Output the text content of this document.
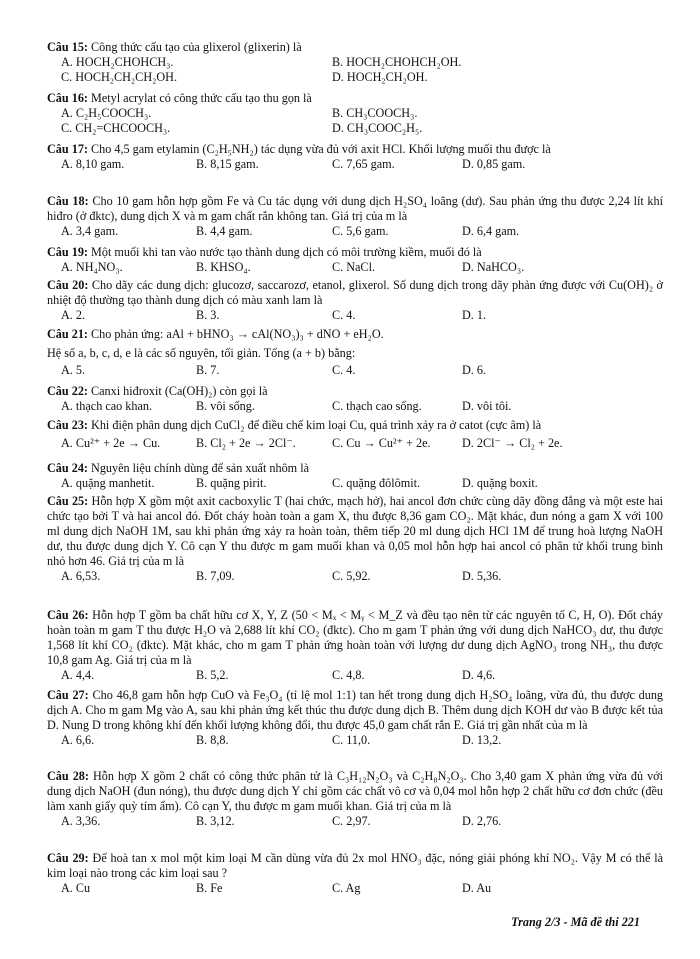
Câu 15: Công thức cấu tạo của glixerol (glixerin) là
A. HOCH₂CHOHCH₃.	B. HOCH₂CHOHCH₂OH.
C. HOCH₂CH₂CH₂OH.	D. HOCH₂CH₂OH.
Câu 16: Metyl acrylat có công thức cấu tạo thu gọn là
A. C₂H₅COOCH₃.	B. CH₃COOCH₃.
C. CH₂=CHCOOCH₃.	D. CH₃COOC₂H₅.
Câu 17: Cho 4,5 gam etylamin (C₂H₅NH₂) tác dụng vừa đủ với axit HCl. Khối lượng muối thu được là
A. 8,10 gam.	B. 8,15 gam.	C. 7,65 gam.	D. 0,85 gam.
Câu 18: Cho 10 gam hỗn hợp gồm Fe và Cu tác dụng với dung dịch H₂SO₄ loãng (dư). Sau phản ứng thu được 2,24 lít khí hiđro (ở đktc), dung dịch X và m gam chất rắn không tan. Giá trị của m là
A. 3,4 gam.	B. 4,4 gam.	C. 5,6 gam.	D. 6,4 gam.
Câu 19: Một muối khi tan vào nước tạo thành dung dịch có môi trường kiềm, muối đó là
A. NH₄NO₃.	B. KHSO₄.	C. NaCl.	D. NaHCO₃.
Câu 20: Cho dãy các dung dịch: glucozơ, saccarozơ, etanol, glixerol. Số dung dịch trong dãy phản ứng được với Cu(OH)₂ ở nhiệt độ thường tạo thành dung dịch có màu xanh lam là
A. 2.	B. 3.	C. 4.	D. 1.
Câu 21: Cho phản ứng: aAl + bHNO₃ → cAl(NO₃)₃ + dNO + eH₂O.
Hệ số a, b, c, d, e là các số nguyên, tối giản. Tổng (a + b) bằng:
A. 5.	B. 7.	C. 4.	D. 6.
Câu 22: Canxi hiđroxit (Ca(OH)₂) còn gọi là
A. thạch cao khan.	B. vôi sống.	C. thạch cao sống.	D. vôi tôi.
Câu 23: Khi điện phân dung dịch CuCl₂ để điều chế kim loại Cu, quá trình xảy ra ở catot (cực âm) là
A. Cu²⁺ + 2e → Cu.	B. Cl₂ + 2e → 2Cl⁻.	C. Cu → Cu²⁺ + 2e.	D. 2Cl⁻ → Cl₂ + 2e.
Câu 24: Nguyên liệu chính dùng để sản xuất nhôm là
A. quặng manhetit.	B. quặng pirit.	C. quặng đôlômit.	D. quặng boxit.
Câu 25: Hỗn hợp X gồm một axit cacboxylic T (hai chức, mạch hở), hai ancol đơn chức cùng dãy đồng đẳng và một este hai chức tạo bởi T và hai ancol đó. Đốt cháy hoàn toàn a gam X, thu được 8,36 gam CO₂. Mặt khác, đun nóng a gam X với 100 ml dung dịch NaOH 1M, sau khi phản ứng xảy ra hoàn toàn, thêm tiếp 20 ml dung dịch HCl 1M để trung hoà lượng NaOH dư, thu được dung dịch Y. Cô cạn Y thu được m gam muối khan và 0,05 mol hỗn hợp hai ancol có phân tử khối trung bình nhỏ hơn 46. Giá trị của m là
A. 6,53.	B. 7,09.	C. 5,92.	D. 5,36.
Câu 26: Hỗn hợp T gồm ba chất hữu cơ X, Y, Z (50 < Mₓ < Mᵧ < M_Z và đều tạo nên từ các nguyên tố C, H, O). Đốt cháy hoàn toàn m gam T thu được H₂O và 2,688 lít khí CO₂ (đktc). Cho m gam T phản ứng với dung dịch NaHCO₃ dư, thu được 1,568 lít khí CO₂ (đktc). Mặt khác, cho m gam T phản ứng hoàn toàn với lượng dư dung dịch AgNO₃ trong NH₃, thu được 10,8 gam Ag. Giá trị của m là
A. 4,4.	B. 5,2.	C. 4,8.	D. 4,6.
Câu 27: Cho 46,8 gam hỗn hợp CuO và Fe₃O₄ (tỉ lệ mol 1:1) tan hết trong dung dịch H₂SO₄ loãng, vừa đủ, thu được dung dịch A. Cho m gam Mg vào A, sau khi phản ứng kết thúc thu được dung dịch B. Thêm dung dịch KOH dư vào B được kết tủa D. Nung D trong không khí đến khối lượng không đổi, thu được 45,0 gam chất rắn E. Giá trị gần nhất của m là
A. 6,6.	B. 8,8.	C. 11,0.	D. 13,2.
Câu 28: Hỗn hợp X gồm 2 chất có công thức phân tử là C₃H₁₂N₂O₃ và C₂H₈N₂O₃. Cho 3,40 gam X phản ứng vừa đủ với dung dịch NaOH (đun nóng), thu được dung dịch Y chỉ gồm các chất vô cơ và 0,04 mol hỗn hợp 2 chất hữu cơ đơn chức (đều làm xanh giấy quỳ tím ẩm). Cô cạn Y, thu được m gam muối khan. Giá trị của m là
A. 3,36.	B. 3,12.	C. 2,97.	D. 2,76.
Câu 29: Để hoà tan x mol một kim loại M cần dùng vừa đủ 2x mol HNO₃ đặc, nóng giải phóng khí NO₂. Vậy M có thể là kim loại nào trong các kim loại sau ?
A. Cu	B. Fe	C. Ag	D. Au
Trang 2/3 - Mã đề thi 221
